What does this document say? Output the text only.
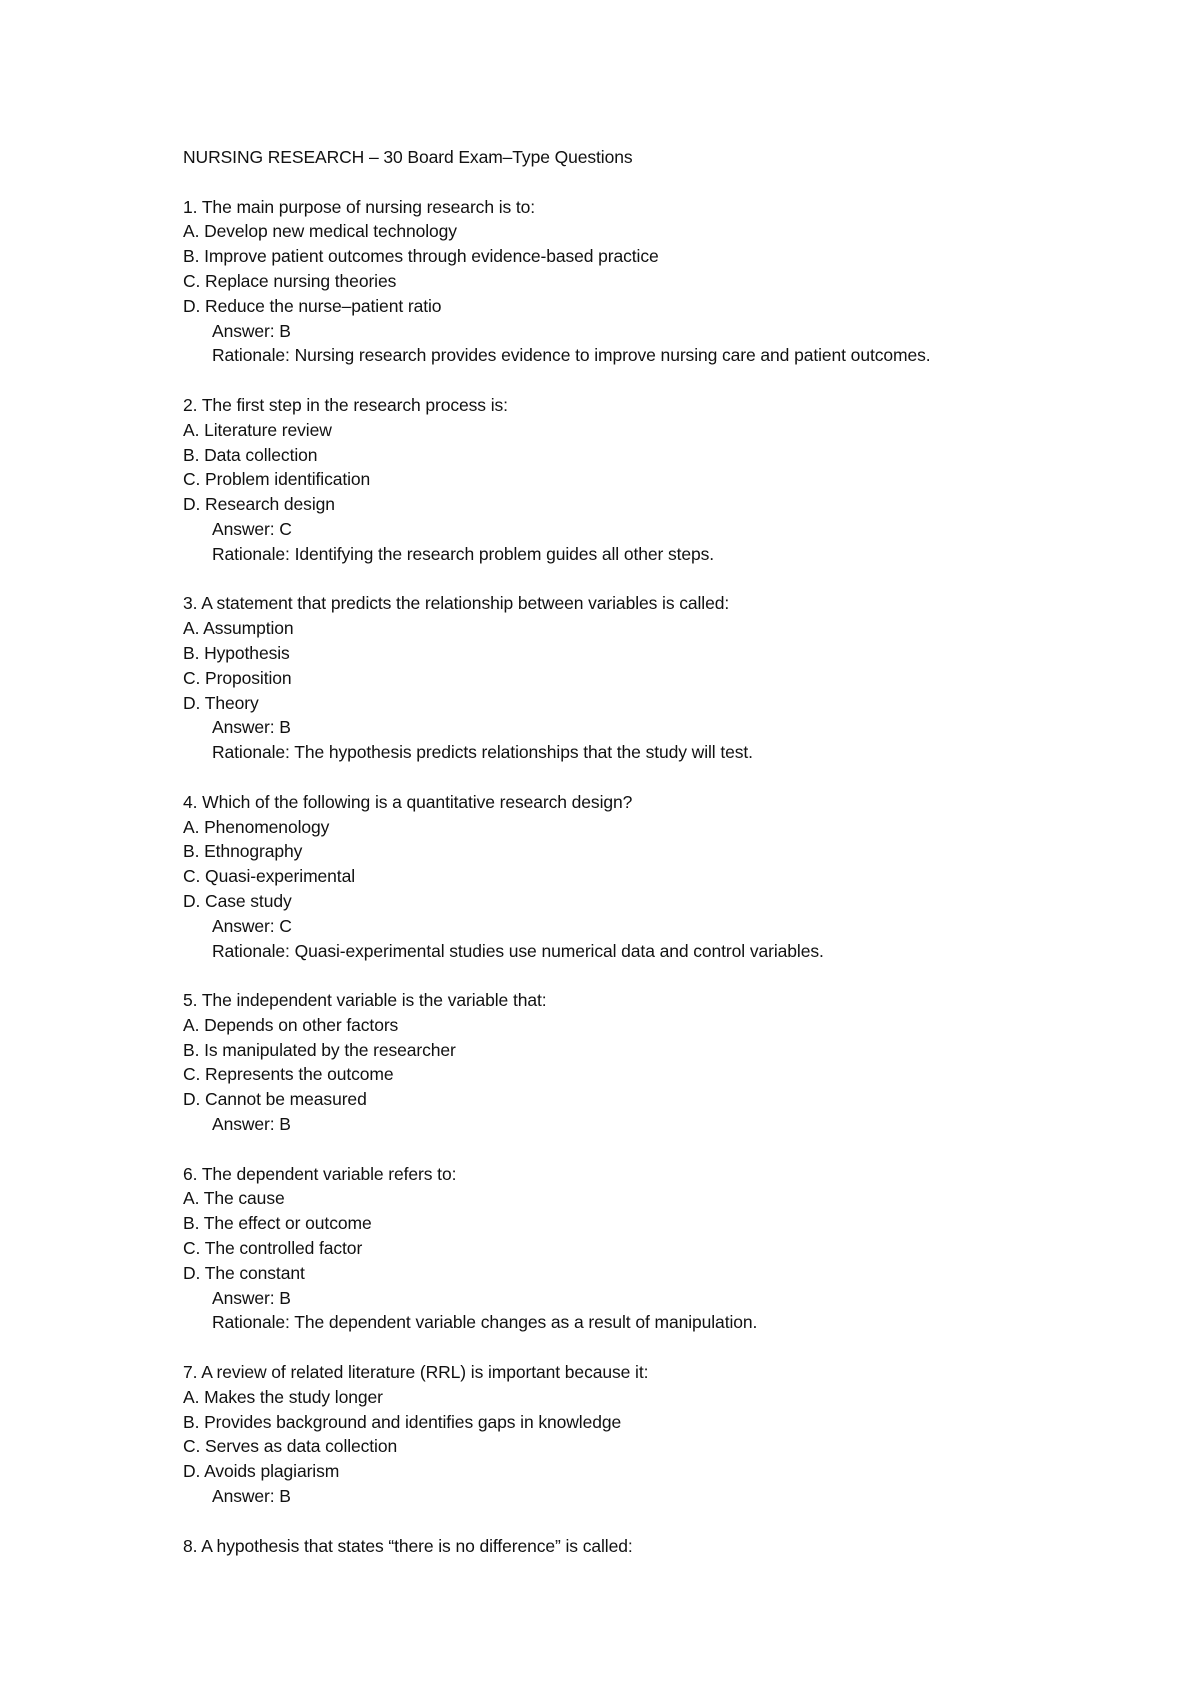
NURSING RESEARCH – 30 Board Exam–Type Questions
1. The main purpose of nursing research is to:
A. Develop new medical technology
B. Improve patient outcomes through evidence-based practice
C. Replace nursing theories
D. Reduce the nurse–patient ratio
Answer: B
Rationale: Nursing research provides evidence to improve nursing care and patient outcomes.
2. The first step in the research process is:
A. Literature review
B. Data collection
C. Problem identification
D. Research design
Answer: C
Rationale: Identifying the research problem guides all other steps.
3. A statement that predicts the relationship between variables is called:
A. Assumption
B. Hypothesis
C. Proposition
D. Theory
Answer: B
Rationale: The hypothesis predicts relationships that the study will test.
4. Which of the following is a quantitative research design?
A. Phenomenology
B. Ethnography
C. Quasi-experimental
D. Case study
Answer: C
Rationale: Quasi-experimental studies use numerical data and control variables.
5. The independent variable is the variable that:
A. Depends on other factors
B. Is manipulated by the researcher
C. Represents the outcome
D. Cannot be measured
Answer: B
6. The dependent variable refers to:
A. The cause
B. The effect or outcome
C. The controlled factor
D. The constant
Answer: B
Rationale: The dependent variable changes as a result of manipulation.
7. A review of related literature (RRL) is important because it:
A. Makes the study longer
B. Provides background and identifies gaps in knowledge
C. Serves as data collection
D. Avoids plagiarism
Answer: B
8. A hypothesis that states “there is no difference” is called:
